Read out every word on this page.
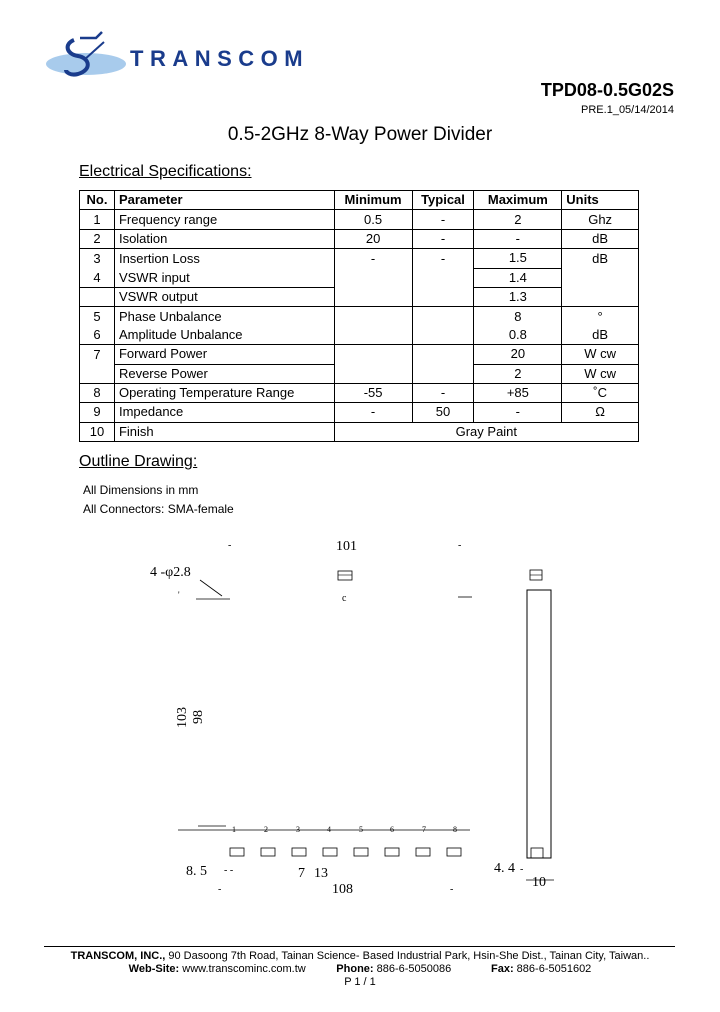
TRANSCOM
TPD08-0.5G02S
PRE.1_05/14/2014
0.5-2GHz 8-Way Power Divider
Electrical Specifications:
No.	Parameter	Minimum	Typical	Maximum	Units
1	Frequency range	0.5	-	2	Ghz
2	Isolation	20	-	-	dB
3	Insertion Loss	-	-	1.5	dB
4	VSWR input			1.4	
	VSWR output			1.3	
5	Phase Unbalance			8	°
6	Amplitude Unbalance			0.8	dB
7	Forward Power			20	W cw
	Reverse Power			2	W cw
8	Operating Temperature Range	-55	-	+85	˚C
9	Impedance	-	50	-	Ω
10	Finish	Gray Paint			
Outline Drawing:
All Dimensions in mm
All Connectors: SMA-female
-	101	-
4 -φ2.8
'	c
103 98
1	2	3	4	5	6	7	8
8. 5 - -	7 13
108
-	-
4. 4 -
10
TRANSCOM, INC., 90 Dasoong 7th Road, Tainan Science- Based Industrial Park, Hsin-She Dist., Tainan City, Taiwan..
Web-Site: www.transcominc.com.tw	Phone: 886-6-5050086	Fax: 886-6-5051602
P 1 / 1
